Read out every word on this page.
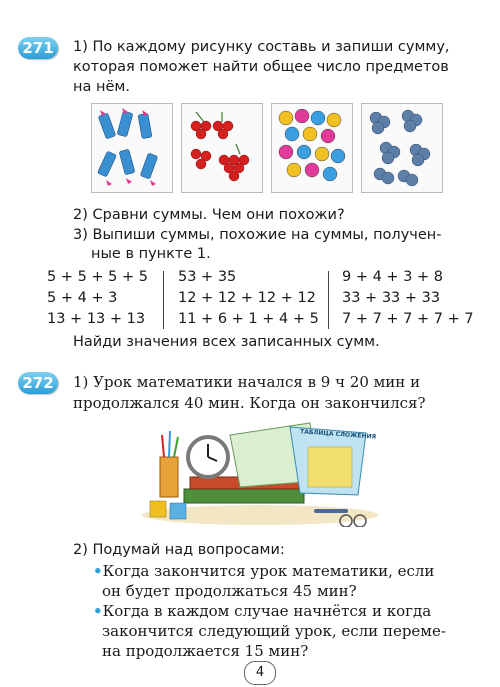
271 1) По каждому рисунку составь и запиши сумму,
которая поможет найти общее число предметов
на нём.
2) Сравни суммы. Чем они похожи?
3) Выпиши суммы, похожие на суммы, получен-
ные в пункте 1.
5 + 5 + 5 + 5
5 + 4 + 3
13 + 13 + 13
53 + 35
12 + 12 + 12 + 12
11 + 6 + 1 + 4 + 5
9 + 4 + 3 + 8
33 + 33 + 33
7 + 7 + 7 + 7 + 7
Найди значения всех записанных сумм.
272 1) Урок математики начался в 9 ч 20 мин и
продолжался 40 мин. Когда он закончился?
ТАБЛИЦА СЛОЖЕНИЯ
2) Подумай над вопросами:
•Когда закончится урок математики, если
он будет продолжаться 45 мин?
•Когда в каждом случае начнётся и когда
закончится следующий урок, если переме-
на продолжается 15 мин?
4
